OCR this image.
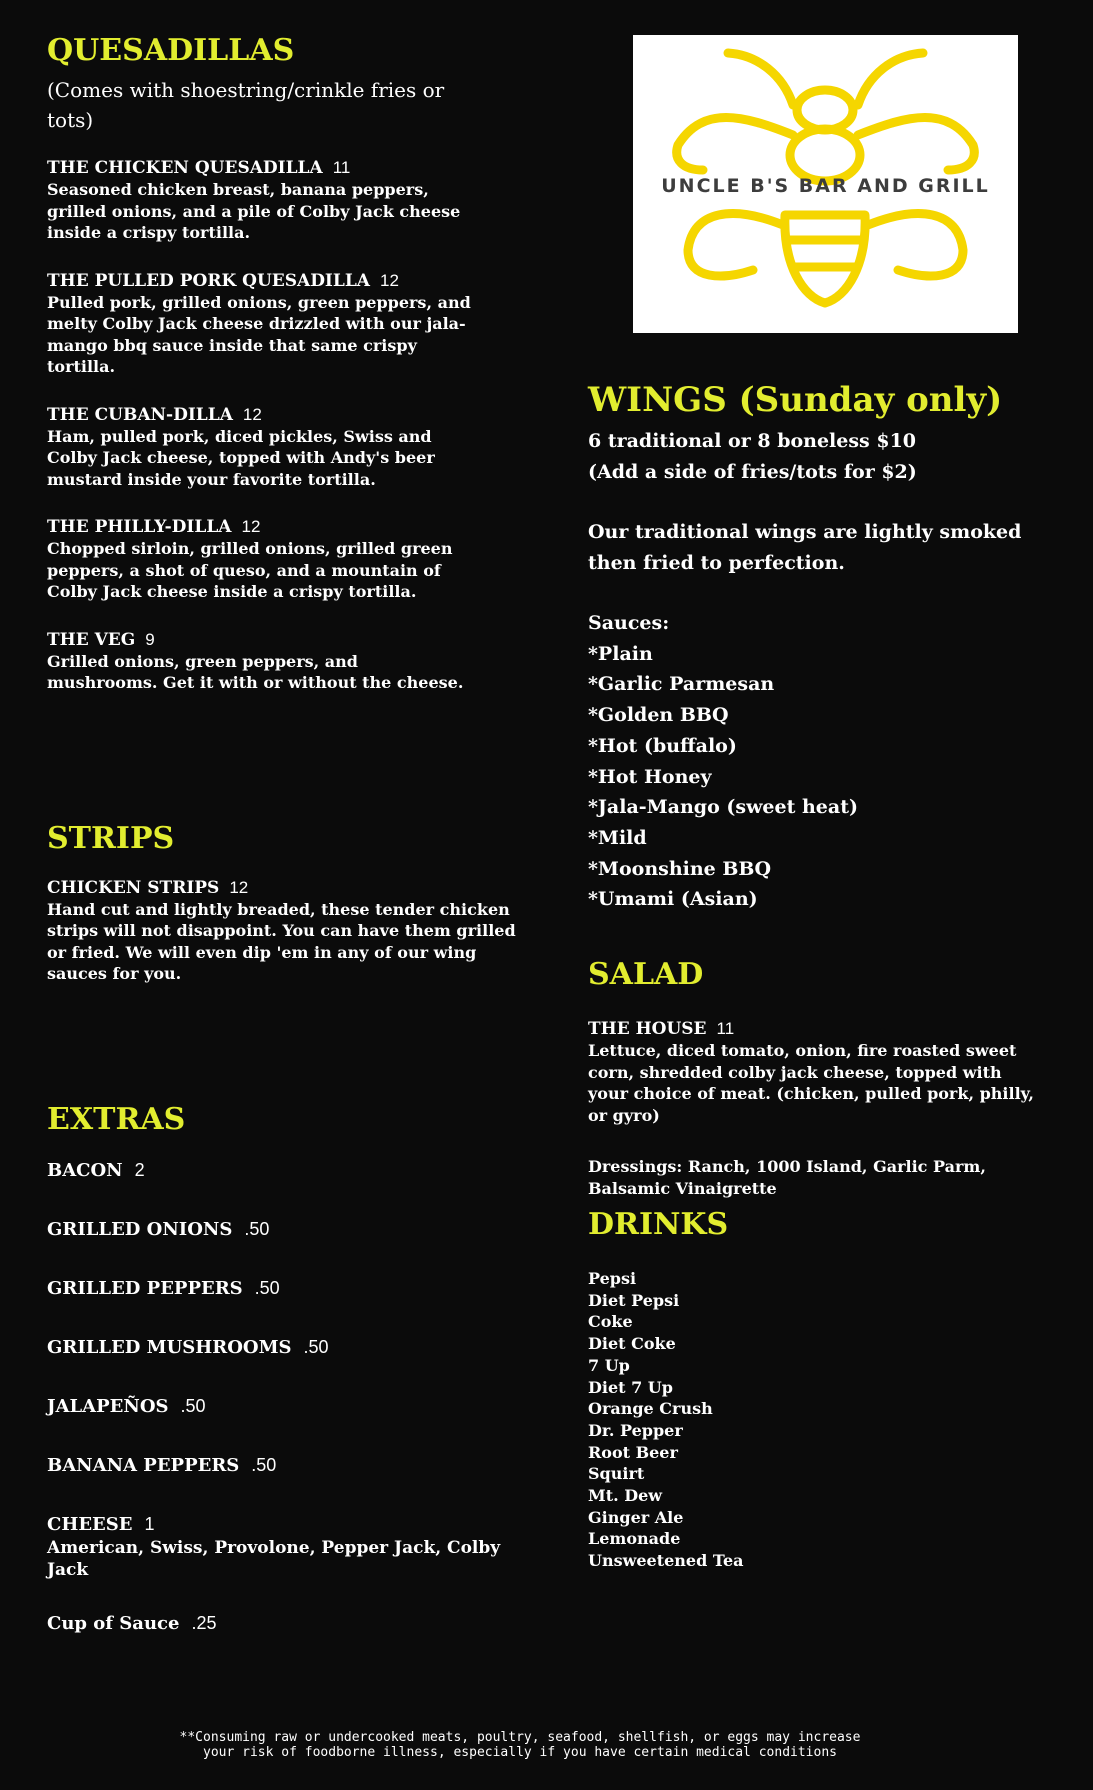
QUESADILLAS
(Comes with shoestring/crinkle fries or tots)
THE CHICKEN QUESADILLA 11
Seasoned chicken breast, banana peppers, grilled onions, and a pile of Colby Jack cheese inside a crispy tortilla.
THE PULLED PORK QUESADILLA 12
Pulled pork, grilled onions, green peppers, and melty Colby Jack cheese drizzled with our jala-mango bbq sauce inside that same crispy tortilla.
THE CUBAN-DILLA 12
Ham, pulled pork, diced pickles, Swiss and Colby Jack cheese, topped with Andy's beer mustard inside your favorite tortilla.
THE PHILLY-DILLA 12
Chopped sirloin, grilled onions, grilled green peppers, a shot of queso, and a mountain of Colby Jack cheese inside a crispy tortilla.
THE VEG 9
Grilled onions, green peppers, and mushrooms. Get it with or without the cheese.
STRIPS
CHICKEN STRIPS 12
Hand cut and lightly breaded, these tender chicken strips will not disappoint. You can have them grilled or fried. We will even dip 'em in any of our wing sauces for you.
EXTRAS
BACON 2
GRILLED ONIONS .50
GRILLED PEPPERS .50
GRILLED MUSHROOMS .50
JALAPEÑOS .50
BANANA PEPPERS .50
CHEESE 1
American, Swiss, Provolone, Pepper Jack, Colby Jack
Cup of Sauce .25
UNCLE B'S BAR AND GRILL
WINGS (Sunday only)
6 traditional or 8 boneless $10
(Add a side of fries/tots for $2)
Our traditional wings are lightly smoked then fried to perfection.
Sauces:
*Plain
*Garlic Parmesan
*Golden BBQ
*Hot (buffalo)
*Hot Honey
*Jala-Mango (sweet heat)
*Mild
*Moonshine BBQ
*Umami (Asian)
SALAD
THE HOUSE 11
Lettuce, diced tomato, onion, fire roasted sweet corn, shredded colby jack cheese, topped with your choice of meat. (chicken, pulled pork, philly, or gyro)
Dressings: Ranch, 1000 Island, Garlic Parm, Balsamic Vinaigrette
DRINKS
Pepsi
Diet Pepsi
Coke
Diet Coke
7 Up
Diet 7 Up
Orange Crush
Dr. Pepper
Root Beer
Squirt
Mt. Dew
Ginger Ale
Lemonade
Unsweetened Tea
**Consuming raw or undercooked meats, poultry, seafood, shellfish, or eggs may increase your risk of foodborne illness, especially if you have certain medical conditions
